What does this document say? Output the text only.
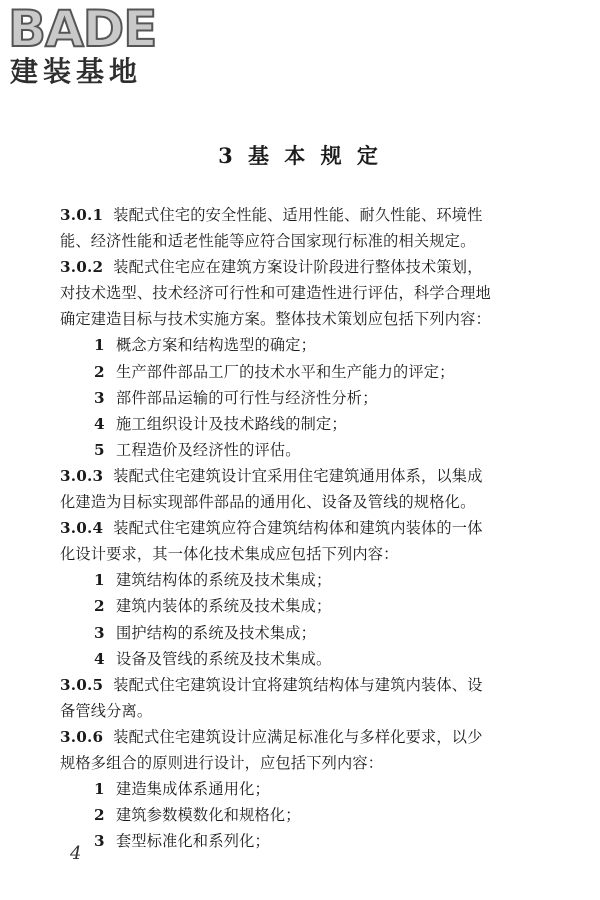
BADE
建装基地
3 基 本 规 定
3.0.1 装配式住宅的安全性能、适用性能、耐久性能、环境性
能、经济性能和适老性能等应符合国家现行标准的相关规定。
3.0.2 装配式住宅应在建筑方案设计阶段进行整体技术策划，
对技术选型、技术经济可行性和可建造性进行评估，科学合理地
确定建造目标与技术实施方案。整体技术策划应包括下列内容：
1 概念方案和结构选型的确定；
2 生产部件部品工厂的技术水平和生产能力的评定；
3 部件部品运输的可行性与经济性分析；
4 施工组织设计及技术路线的制定；
5 工程造价及经济性的评估。
3.0.3 装配式住宅建筑设计宜采用住宅建筑通用体系，以集成
化建造为目标实现部件部品的通用化、设备及管线的规格化。
3.0.4 装配式住宅建筑应符合建筑结构体和建筑内装体的一体
化设计要求，其一体化技术集成应包括下列内容：
1 建筑结构体的系统及技术集成；
2 建筑内装体的系统及技术集成；
3 围护结构的系统及技术集成；
4 设备及管线的系统及技术集成。
3.0.5 装配式住宅建筑设计宜将建筑结构体与建筑内装体、设
备管线分离。
3.0.6 装配式住宅建筑设计应满足标准化与多样化要求，以少
规格多组合的原则进行设计，应包括下列内容：
1 建造集成体系通用化；
2 建筑参数模数化和规格化；
3 套型标准化和系列化；
4
